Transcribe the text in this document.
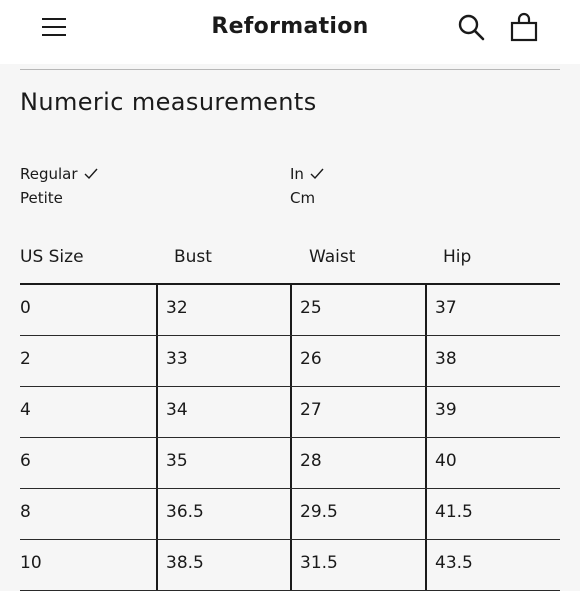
Reformation
Numeric measurements
Regular
Petite
In
Cm
US Size	Bust	Waist	Hip
0	32	25	37
2	33	26	38
4	34	27	39
6	35	28	40
8	36.5	29.5	41.5
10	38.5	31.5	43.5
